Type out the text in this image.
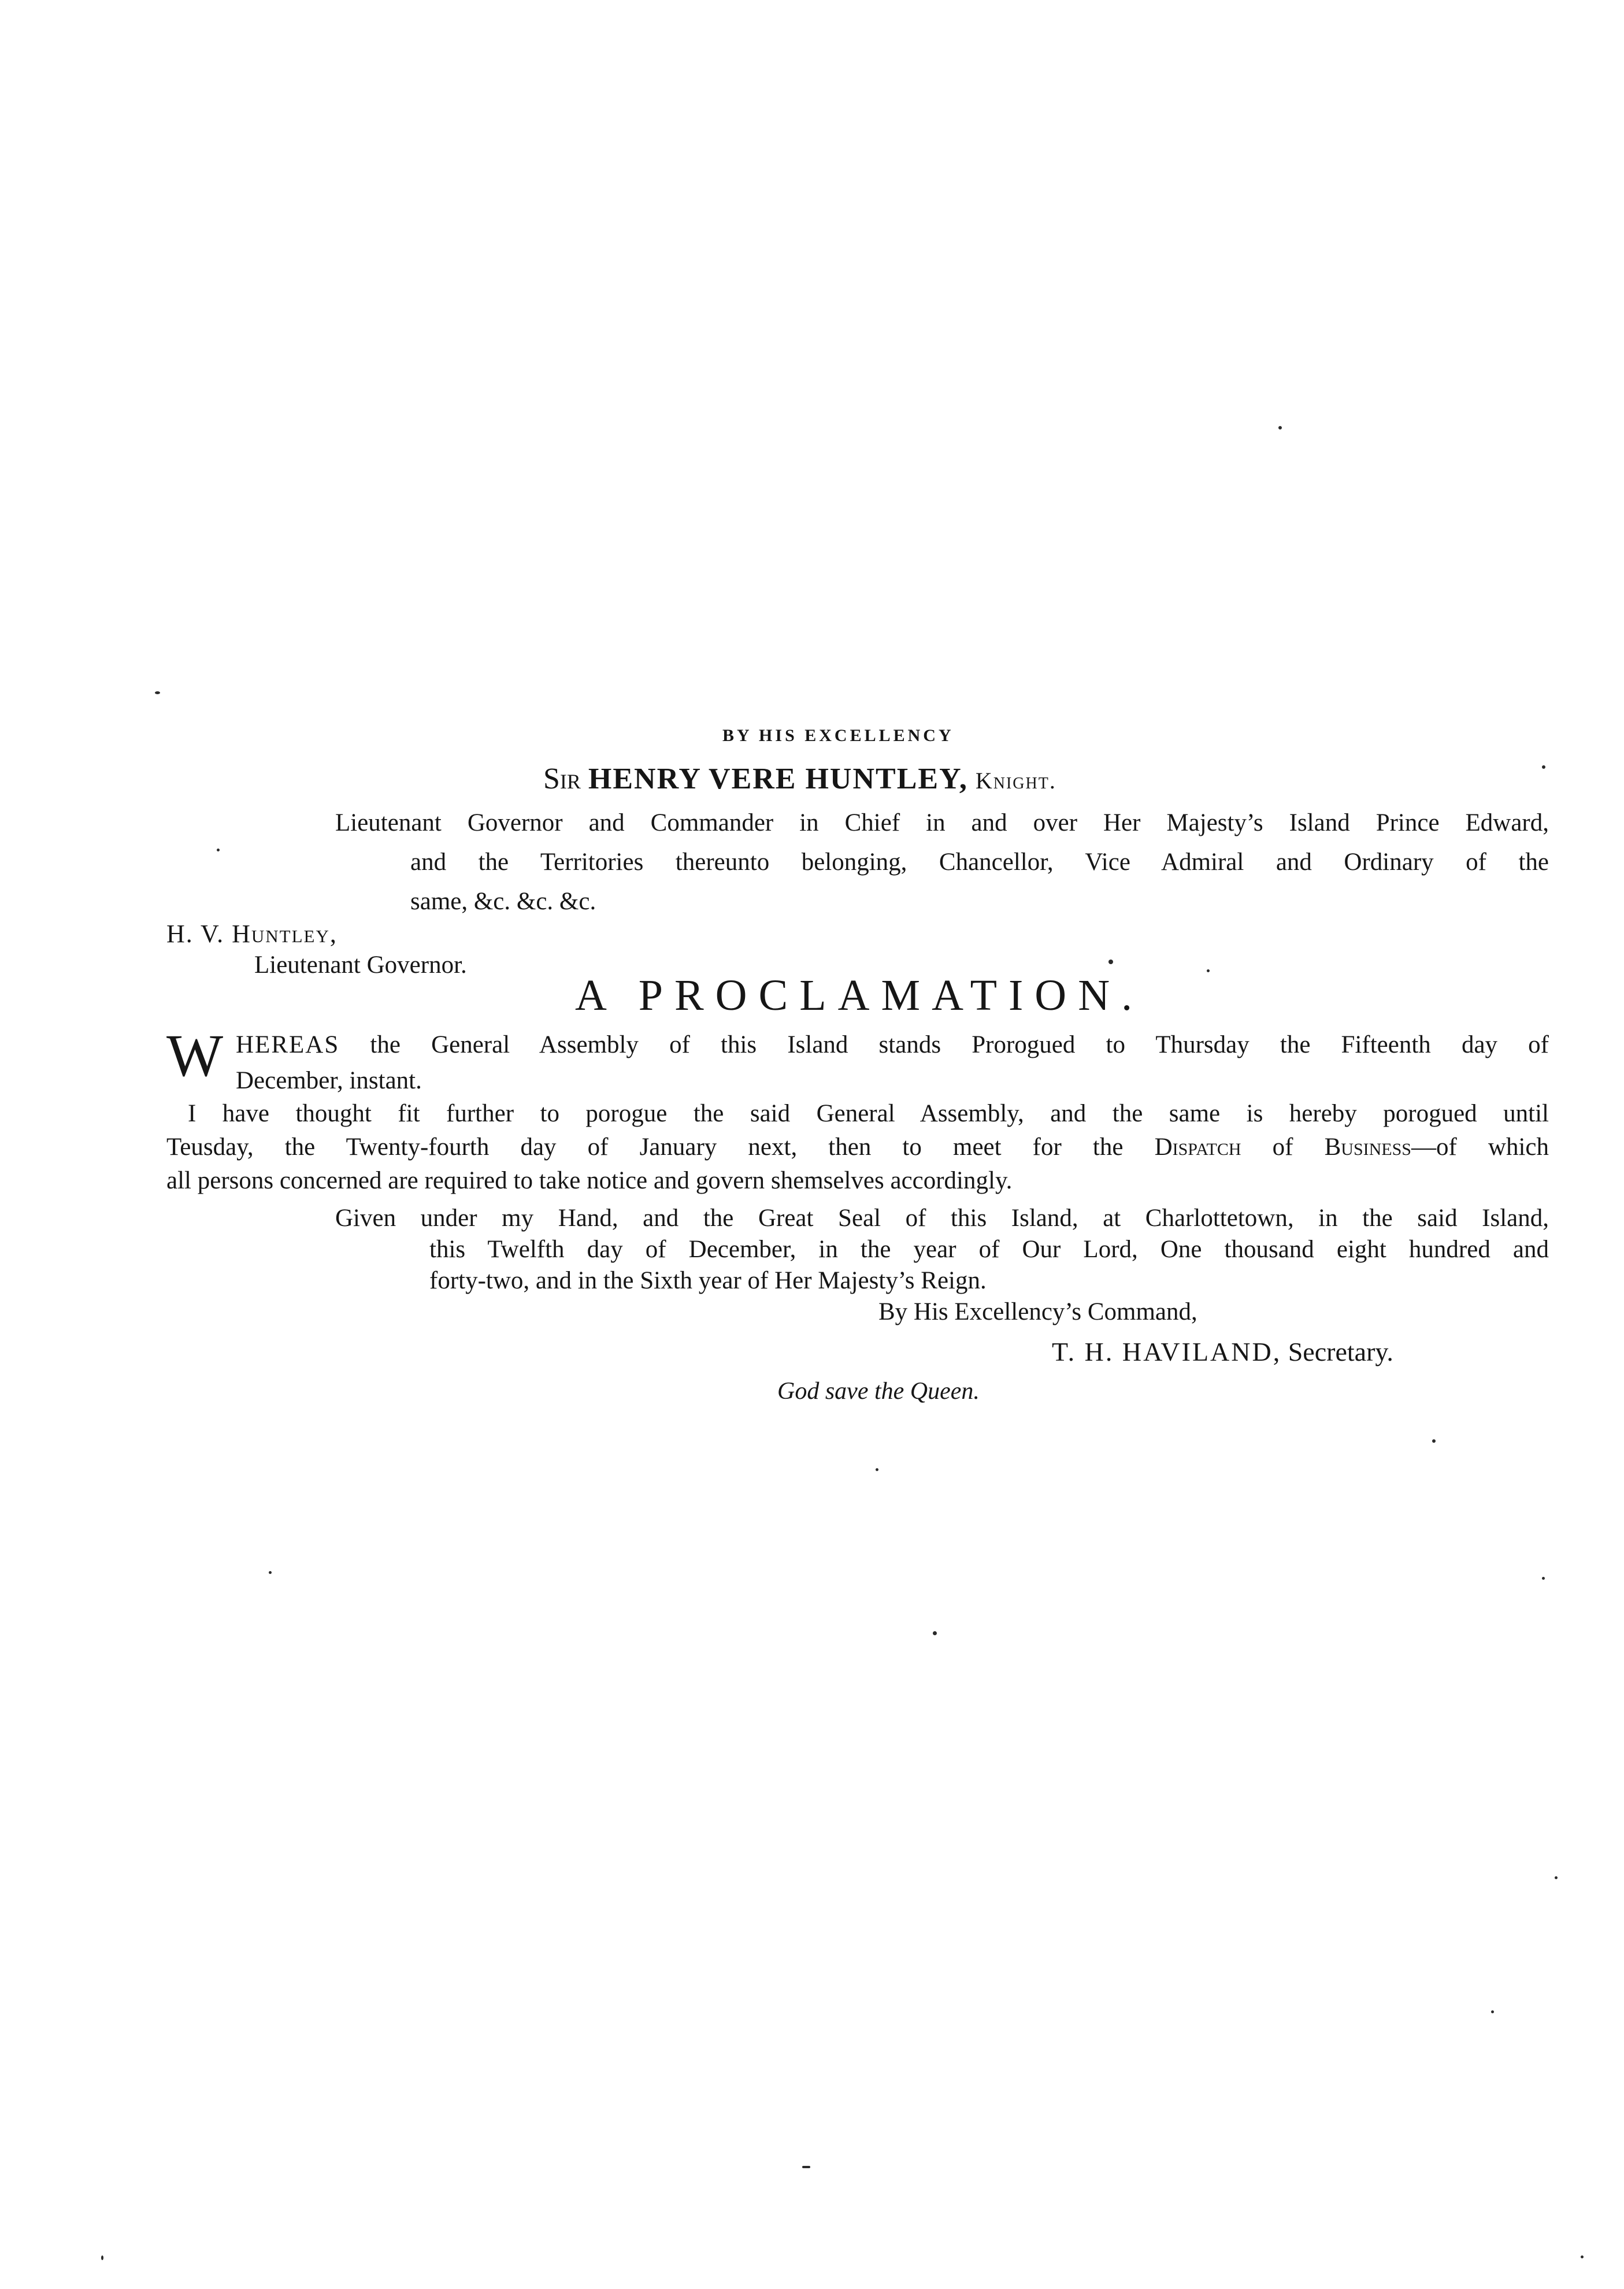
BY HIS EXCELLENCY
Sir HENRY VERE HUNTLEY, Knight.
Lieutenant Governor and Commander in Chief in and over Her Majesty’s Island Prince Edward,
and the Territories thereunto belonging, Chancellor, Vice Admiral and Ordinary of the
same, &c. &c. &c.
H. V. Huntley,
Lieutenant Governor.
A PROCLAMATION.
W HEREAS the General Assembly of this Island stands Prorogued to Thursday the Fifteenth day of
December, instant.
I have thought fit further to porogue the said General Assembly, and the same is hereby porogued until
Teusday, the Twenty-fourth day of January next, then to meet for the Dispatch of Business—of which
all persons concerned are required to take notice and govern shemselves accordingly.
Given under my Hand, and the Great Seal of this Island, at Charlottetown, in the said Island,
this Twelfth day of December, in the year of Our Lord, One thousand eight hundred and
forty-two, and in the Sixth year of Her Majesty’s Reign.
By His Excellency’s Command,
T. H. HAVILAND, Secretary.
God save the Queen.
